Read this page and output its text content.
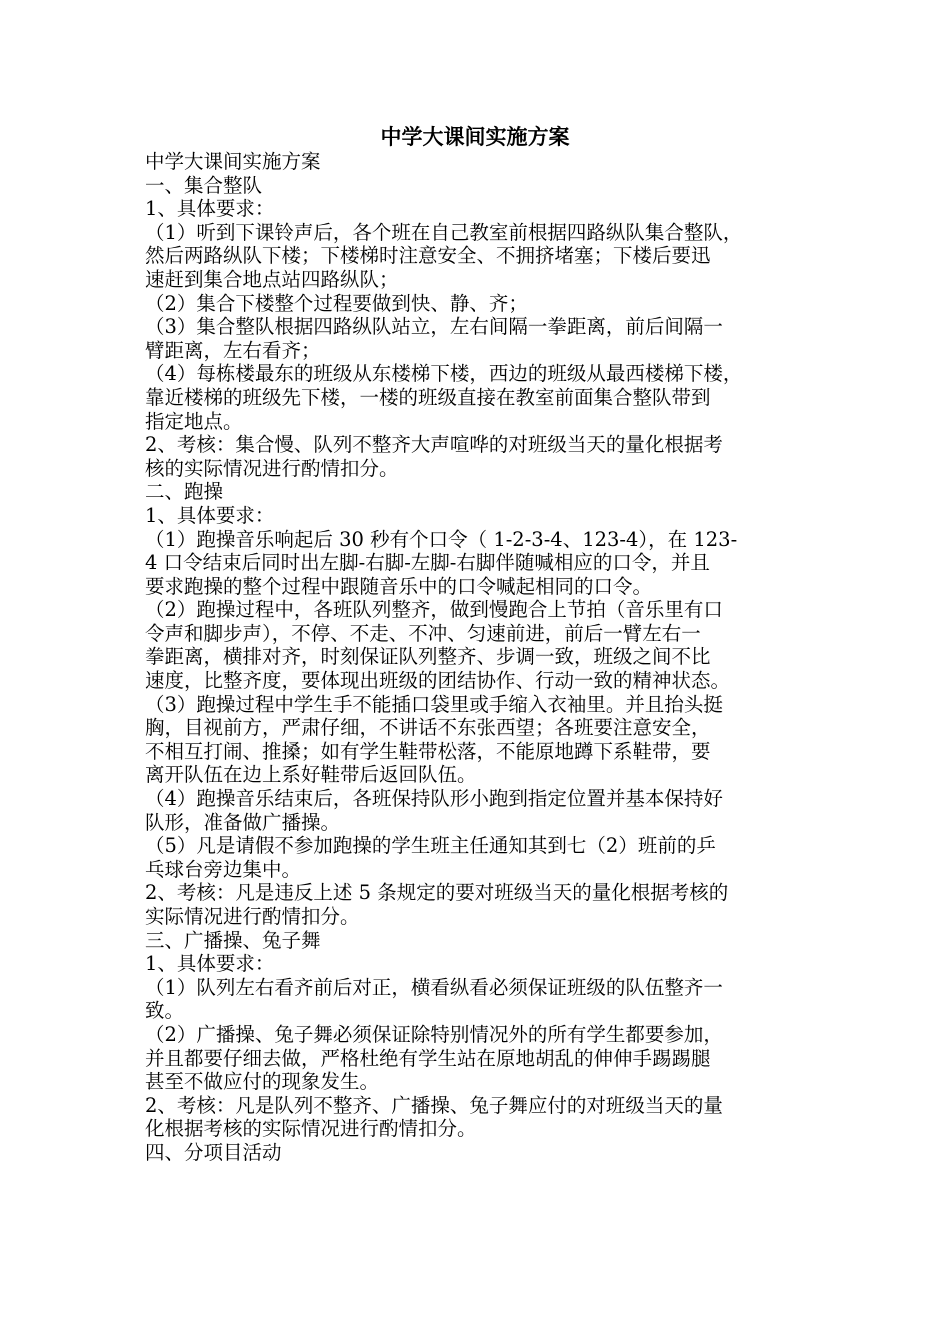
中学大课间实施方案
中学大课间实施方案
一、集合整队
1、具体要求：
（1）听到下课铃声后，各个班在自己教室前根据四路纵队集合整队，
然后两路纵队下楼；下楼梯时注意安全、不拥挤堵塞；下楼后要迅
速赶到集合地点站四路纵队；
（2）集合下楼整个过程要做到快、静、齐；
（3）集合整队根据四路纵队站立，左右间隔一拳距离，前后间隔一
臂距离，左右看齐；
（4）每栋楼最东的班级从东楼梯下楼，西边的班级从最西楼梯下楼，
靠近楼梯的班级先下楼，一楼的班级直接在教室前面集合整队带到
指定地点。
2、考核：集合慢、队列不整齐大声喧哗的对班级当天的量化根据考
核的实际情况进行酌情扣分。
二、跑操
1、具体要求：
（1）跑操音乐响起后 30 秒有个口令（ 1-2-3-4、123-4），在 123-
4 口令结束后同时出左脚-右脚-左脚-右脚伴随喊相应的口令，并且
要求跑操的整个过程中跟随音乐中的口令喊起相同的口令。
（2）跑操过程中，各班队列整齐，做到慢跑合上节拍（音乐里有口
令声和脚步声），不停、不走、不冲、匀速前进，前后一臂左右一
拳距离，横排对齐，时刻保证队列整齐、步调一致，班级之间不比
速度，比整齐度，要体现出班级的团结协作、行动一致的精神状态。
（3）跑操过程中学生手不能插口袋里或手缩入衣袖里。并且抬头挺
胸，目视前方，严肃仔细，不讲话不东张西望；各班要注意安全，
不相互打闹、推搡；如有学生鞋带松落，不能原地蹲下系鞋带，要
离开队伍在边上系好鞋带后返回队伍。
（4）跑操音乐结束后，各班保持队形小跑到指定位置并基本保持好
队形，准备做广播操。
（5）凡是请假不参加跑操的学生班主任通知其到七（2）班前的乒
乓球台旁边集中。
2、考核：凡是违反上述 5 条规定的要对班级当天的量化根据考核的
实际情况进行酌情扣分。
三、广播操、兔子舞
1、具体要求：
（1）队列左右看齐前后对正，横看纵看必须保证班级的队伍整齐一
致。
（2）广播操、兔子舞必须保证除特别情况外的所有学生都要参加，
并且都要仔细去做，严格杜绝有学生站在原地胡乱的伸伸手踢踢腿
甚至不做应付的现象发生。
2、考核：凡是队列不整齐、广播操、兔子舞应付的对班级当天的量
化根据考核的实际情况进行酌情扣分。
四、分项目活动
